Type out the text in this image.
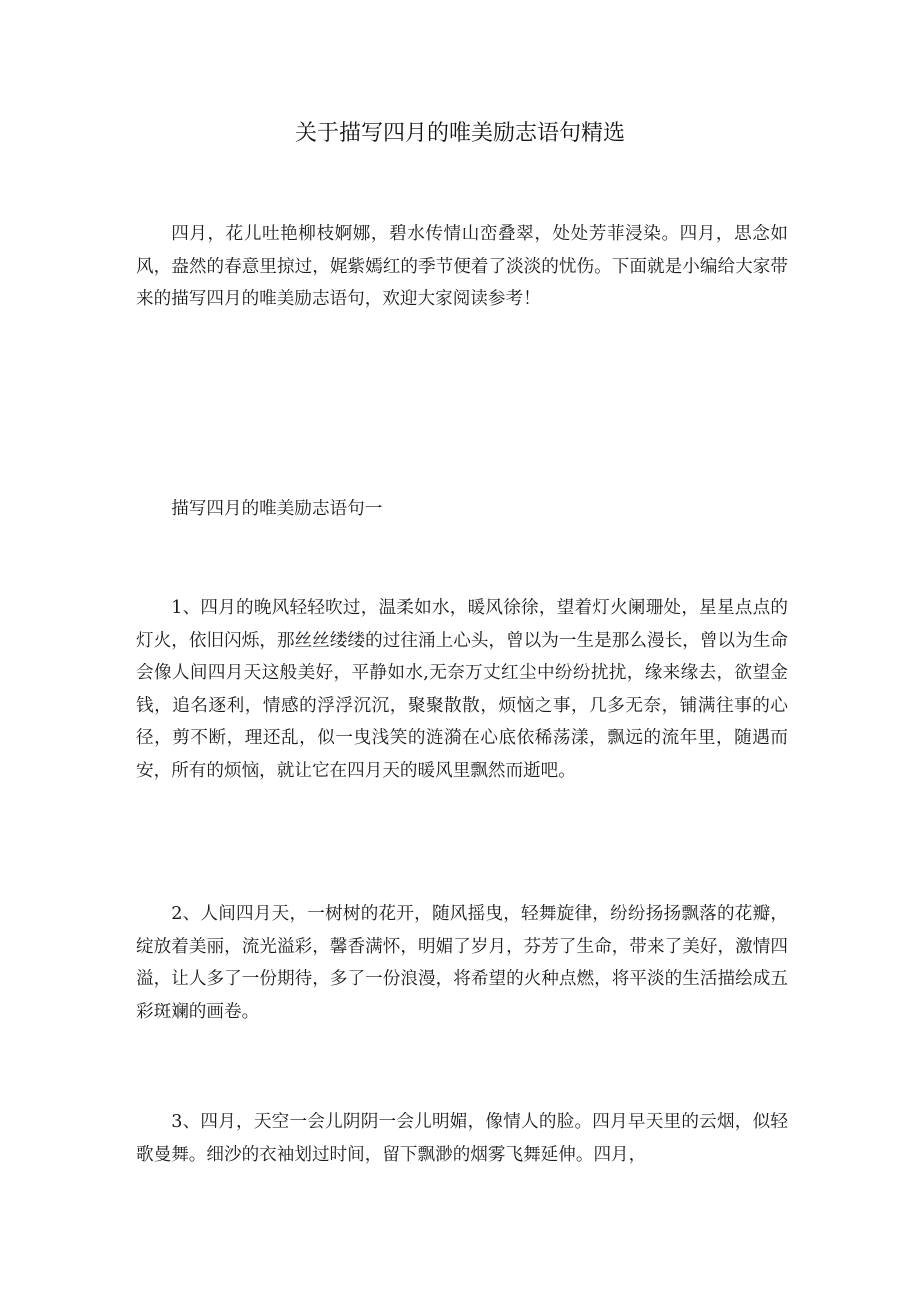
关于描写四月的唯美励志语句精选

四月，花儿吐艳柳枝婀娜，碧水传情山峦叠翠，处处芳菲浸染。四月，思念如风，盎然的春意里掠过，娓紫嫣红的季节便着了淡淡的忧伤。下面就是小编给大家带来的描写四月的唯美励志语句，欢迎大家阅读参考！

描写四月的唯美励志语句一

1、四月的晚风轻轻吹过，温柔如水，暖风徐徐，望着灯火阑珊处，星星点点的灯火，依旧闪烁，那丝丝缕缕的过往涌上心头，曾以为一生是那么漫长，曾以为生命会像人间四月天这般美好，平静如水,无奈万丈红尘中纷纷扰扰，缘来缘去，欲望金钱，追名逐利，情感的浮浮沉沉，聚聚散散，烦恼之事，几多无奈，铺满往事的心径，剪不断，理还乱，似一曳浅笑的涟漪在心底依稀荡漾，飘远的流年里，随遇而安，所有的烦恼，就让它在四月天的暖风里飘然而逝吧。

2、人间四月天，一树树的花开，随风摇曳，轻舞旋律，纷纷扬扬飘落的花瓣，绽放着美丽，流光溢彩，馨香满怀，明媚了岁月，芬芳了生命，带来了美好，激情四溢，让人多了一份期待，多了一份浪漫，将希望的火种点燃，将平淡的生活描绘成五彩斑斓的画卷。

3、四月，天空一会儿阴阴一会儿明媚，像情人的脸。四月早天里的云烟，似轻歌曼舞。细沙的衣袖划过时间，留下飘渺的烟雾飞舞延伸。四月，
